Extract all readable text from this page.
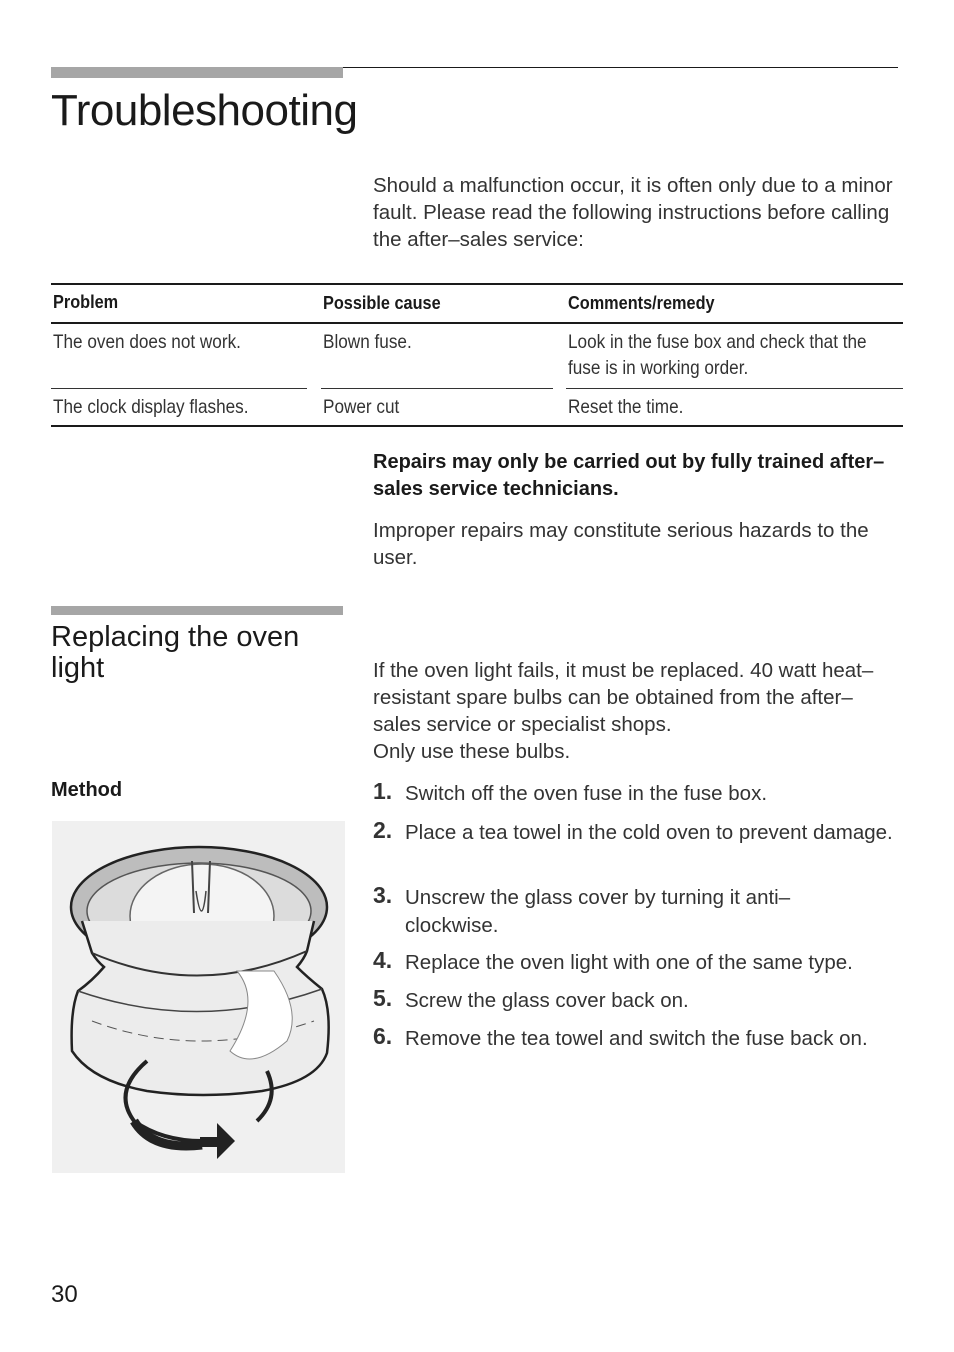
Troubleshooting
Should a malfunction occur, it is often only due to a minor fault. Please read the following instructions before calling the after–sales service:
Problem	Possible cause	Comments/remedy
The oven does not work.	Blown fuse.	Look in the fuse box and check that the
fuse is in working order.
The clock display flashes.	Power cut	Reset the time.
Repairs may only be carried out by fully trained after–sales service technicians.
Improper repairs may constitute serious hazards to the user.
Replacing the oven light	If the oven light fails, it must be replaced. 40 watt heat–resistant spare bulbs can be obtained from the after–sales service or specialist shops.
Only use these bulbs.
Method	1. Switch off the oven fuse in the fuse box.
2. Place a tea towel in the cold oven to prevent damage.
3. Unscrew the glass cover by turning it anti– clockwise.
4. Replace the oven light with one of the same type.
5. Screw the glass cover back on.
6. Remove the tea towel and switch the fuse back on.
30
